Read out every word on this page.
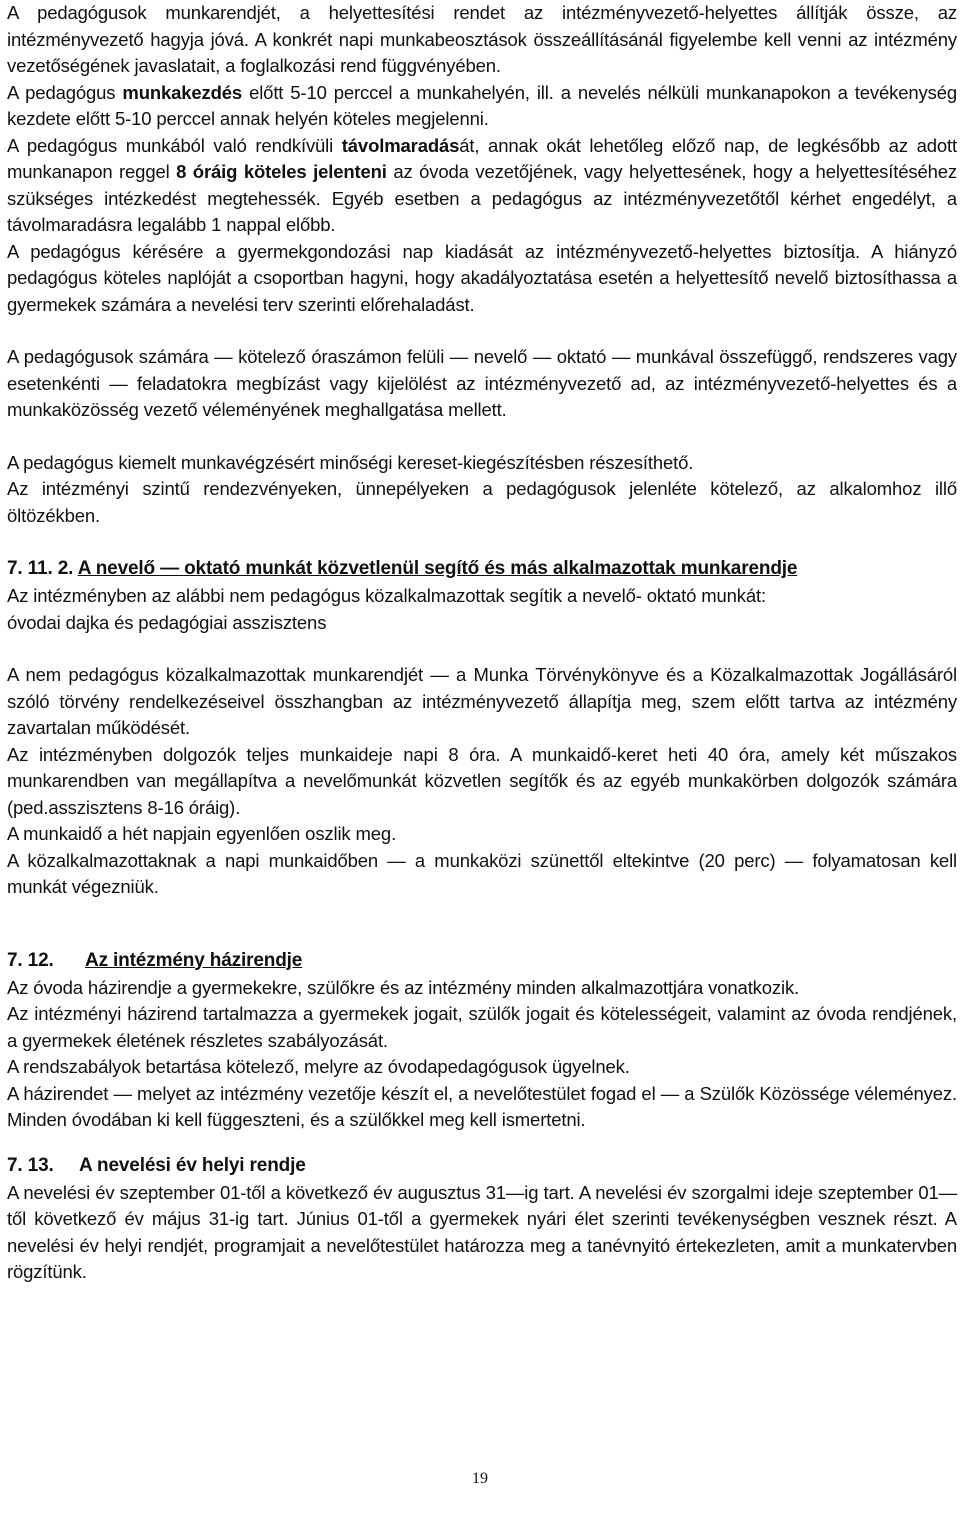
A pedagógusok munkarendjét, a helyettesítési rendet az intézményvezető-helyettes állítják össze, az intézményvezető hagyja jóvá. A konkrét napi munkabeosztások összeállításánál figyelembe kell venni az intézmény vezetőségének javaslatait, a foglalkozási rend függvényében.

A pedagógus munkakezdés előtt 5-10 perccel a munkahelyén, ill. a nevelés nélküli munkanapokon a tevékenység kezdete előtt 5-10 perccel annak helyén köteles megjelenni.

A pedagógus munkából való rendkívüli távolmaradását, annak okát lehetőleg előző nap, de legkésőbb az adott munkanapon reggel 8 óráig köteles jelenteni az óvoda vezetőjének, vagy helyettesének, hogy a helyettesítéséhez szükséges intézkedést megtehessék. Egyéb esetben a pedagógus az intézményvezetőtől kérhet engedélyt, a távolmaradásra legalább 1 nappal előbb.

A pedagógus kérésére a gyermekgondozási nap kiadását az intézményvezető-helyettes biztosítja. A hiányzó pedagógus köteles naplóját a csoportban hagyni, hogy akadályoztatása esetén a helyettesítő nevelő biztosíthassa a gyermekek számára a nevelési terv szerinti előrehaladást.

A pedagógusok számára — kötelező óraszámon felüli — nevelő — oktató — munkával összefüggő, rendszeres vagy esetenkénti — feladatokra megbízást vagy kijelölést az intézményvezető ad, az intézményvezető-helyettes és a munkaközösség vezető véleményének meghallgatása mellett.

A pedagógus kiemelt munkavégzésért minőségi kereset-kiegészítésben részesíthető.

Az intézményi szintű rendezvényeken, ünnepélyeken a pedagógusok jelenléte kötelező, az alkalomhoz illő öltözékben.

7. 11. 2. A nevelő — oktató munkát közvetlenül segítő és más alkalmazottak munkarendje

Az intézményben az alábbi nem pedagógus közalkalmazottak segítik a nevelő- oktató munkát:

óvodai dajka és pedagógiai asszisztens

A nem pedagógus közalkalmazottak munkarendjét — a Munka Törvénykönyve és a Közalkalmazottak Jogállásáról szóló törvény rendelkezéseivel összhangban az intézményvezető állapítja meg, szem előtt tartva az intézmény zavartalan működését.

Az intézményben dolgozók teljes munkaideje napi 8 óra. A munkaidő-keret heti 40 óra, amely két műszakos munkarendben van megállapítva a nevelőmunkát közvetlen segítők és az egyéb munkakörben dolgozók számára (ped.asszisztens 8-16 óráig).

A munkaidő a hét napjain egyenlően oszlik meg.

A közalkalmazottaknak a napi munkaidőben — a munkaközi szünettől eltekintve (20 perc) — folyamatosan kell munkát végezniük.

7. 12. Az intézmény házirendje

Az óvoda házirendje a gyermekekre, szülőkre és az intézmény minden alkalmazottjára vonatkozik.

Az intézményi házirend tartalmazza a gyermekek jogait, szülők jogait és kötelességeit, valamint az óvoda rendjének, a gyermekek életének részletes szabályozását.

A rendszabályok betartása kötelező, melyre az óvodapedagógusok ügyelnek.

A házirendet — melyet az intézmény vezetője készít el, a nevelőtestület fogad el — a Szülők Közössége véleményez. Minden óvodában ki kell függeszteni, és a szülőkkel meg kell ismertetni.

7. 13. A nevelési év helyi rendje

A nevelési év szeptember 01-től a következő év augusztus 31—ig tart. A nevelési év szorgalmi ideje szeptember 01—től következő év május 31-ig tart. Június 01-től a gyermekek nyári élet szerinti tevékenységben vesznek részt. A nevelési év helyi rendjét, programjait a nevelőtestület határozza meg a tanévnyitó értekezleten, amit a munkatervben rögzítünk.

19
